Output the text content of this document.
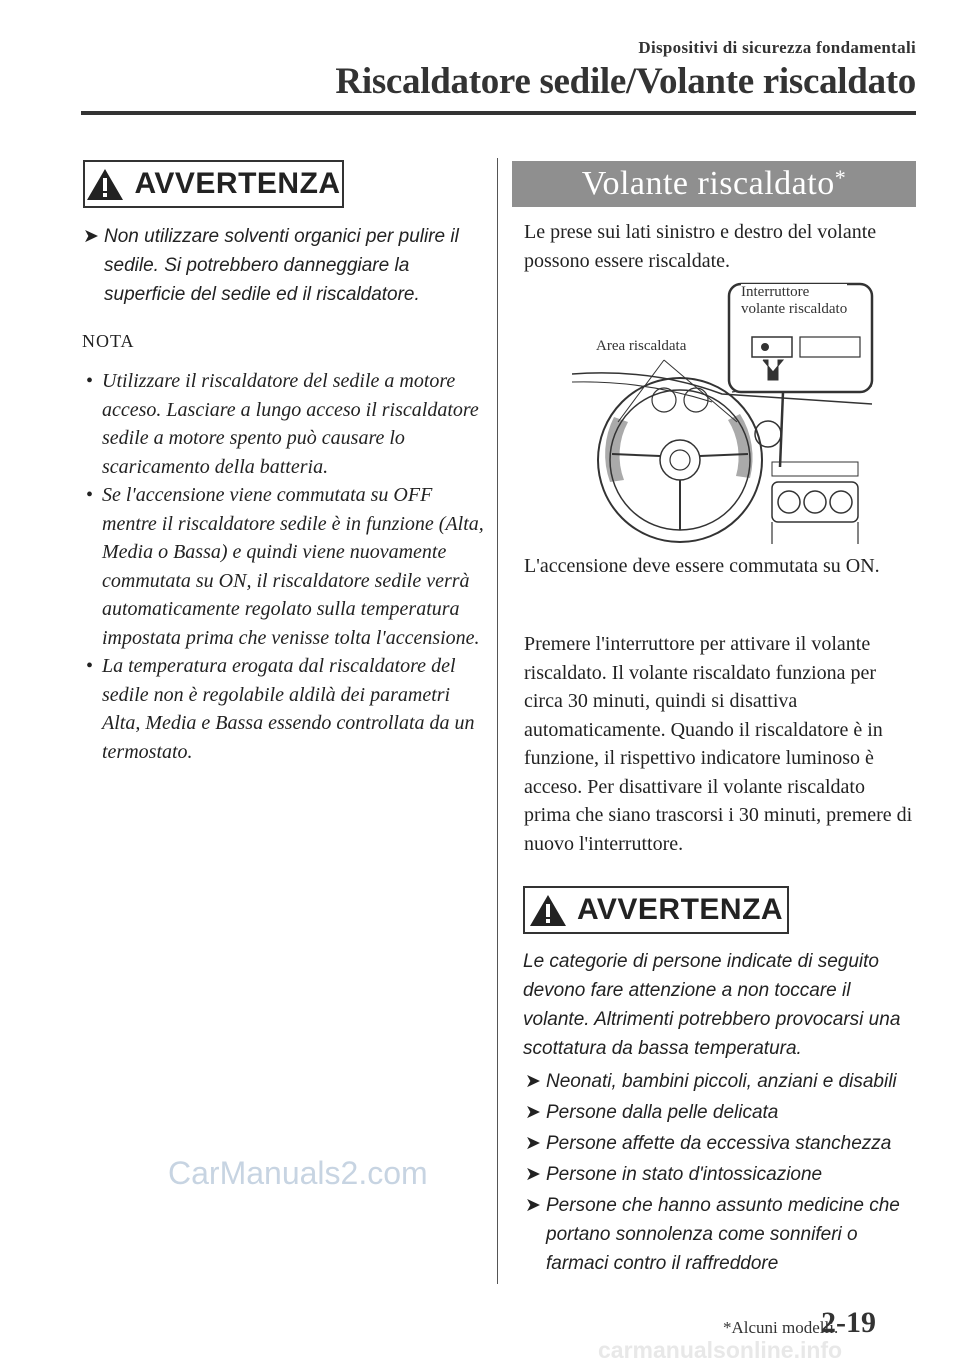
Dispositivi di sicurezza fondamentali
Riscaldatore sedile/Volante riscaldato
AVVERTENZA
➤ Non utilizzare solventi organici per pulire il sedile. Si potrebbero danneggiare la superficie del sedile ed il riscaldatore.
NOTA
• Utilizzare il riscaldatore del sedile a motore acceso. Lasciare a lungo acceso il riscaldatore sedile a motore spento può causare lo scaricamento della batteria.
• Se l'accensione viene commutata su OFF mentre il riscaldatore sedile è in funzione (Alta, Media o Bassa) e quindi viene nuovamente commutata su ON, il riscaldatore sedile verrà automaticamente regolato sulla temperatura impostata prima che venisse tolta l'accensione.
• La temperatura erogata dal riscaldatore del sedile non è regolabile aldilà dei parametri Alta, Media e Bassa essendo controllata da un termostato.
Volante riscaldato*
Le prese sui lati sinistro e destro del volante possono essere riscaldate.
Interruttore
volante riscaldato
Area riscaldata
L'accensione deve essere commutata su ON.
Premere l'interruttore per attivare il volante riscaldato. Il volante riscaldato funziona per circa 30 minuti, quindi si disattiva automaticamente. Quando il riscaldatore è in funzione, il rispettivo indicatore luminoso è acceso. Per disattivare il volante riscaldato prima che siano trascorsi i 30 minuti, premere di nuovo l'interruttore.
AVVERTENZA
Le categorie di persone indicate di seguito devono fare attenzione a non toccare il volante. Altrimenti potrebbero provocarsi una scottatura da bassa temperatura.
➤ Neonati, bambini piccoli, anziani e disabili
➤ Persone dalla pelle delicata
➤ Persone affette da eccessiva stanchezza
➤ Persone in stato d'intossicazione
➤ Persone che hanno assunto medicine che portano sonnolenza come sonniferi o farmaci contro il raffreddore
CarManuals2.com
*Alcuni modelli.
2-19
carmanualsonline.info
